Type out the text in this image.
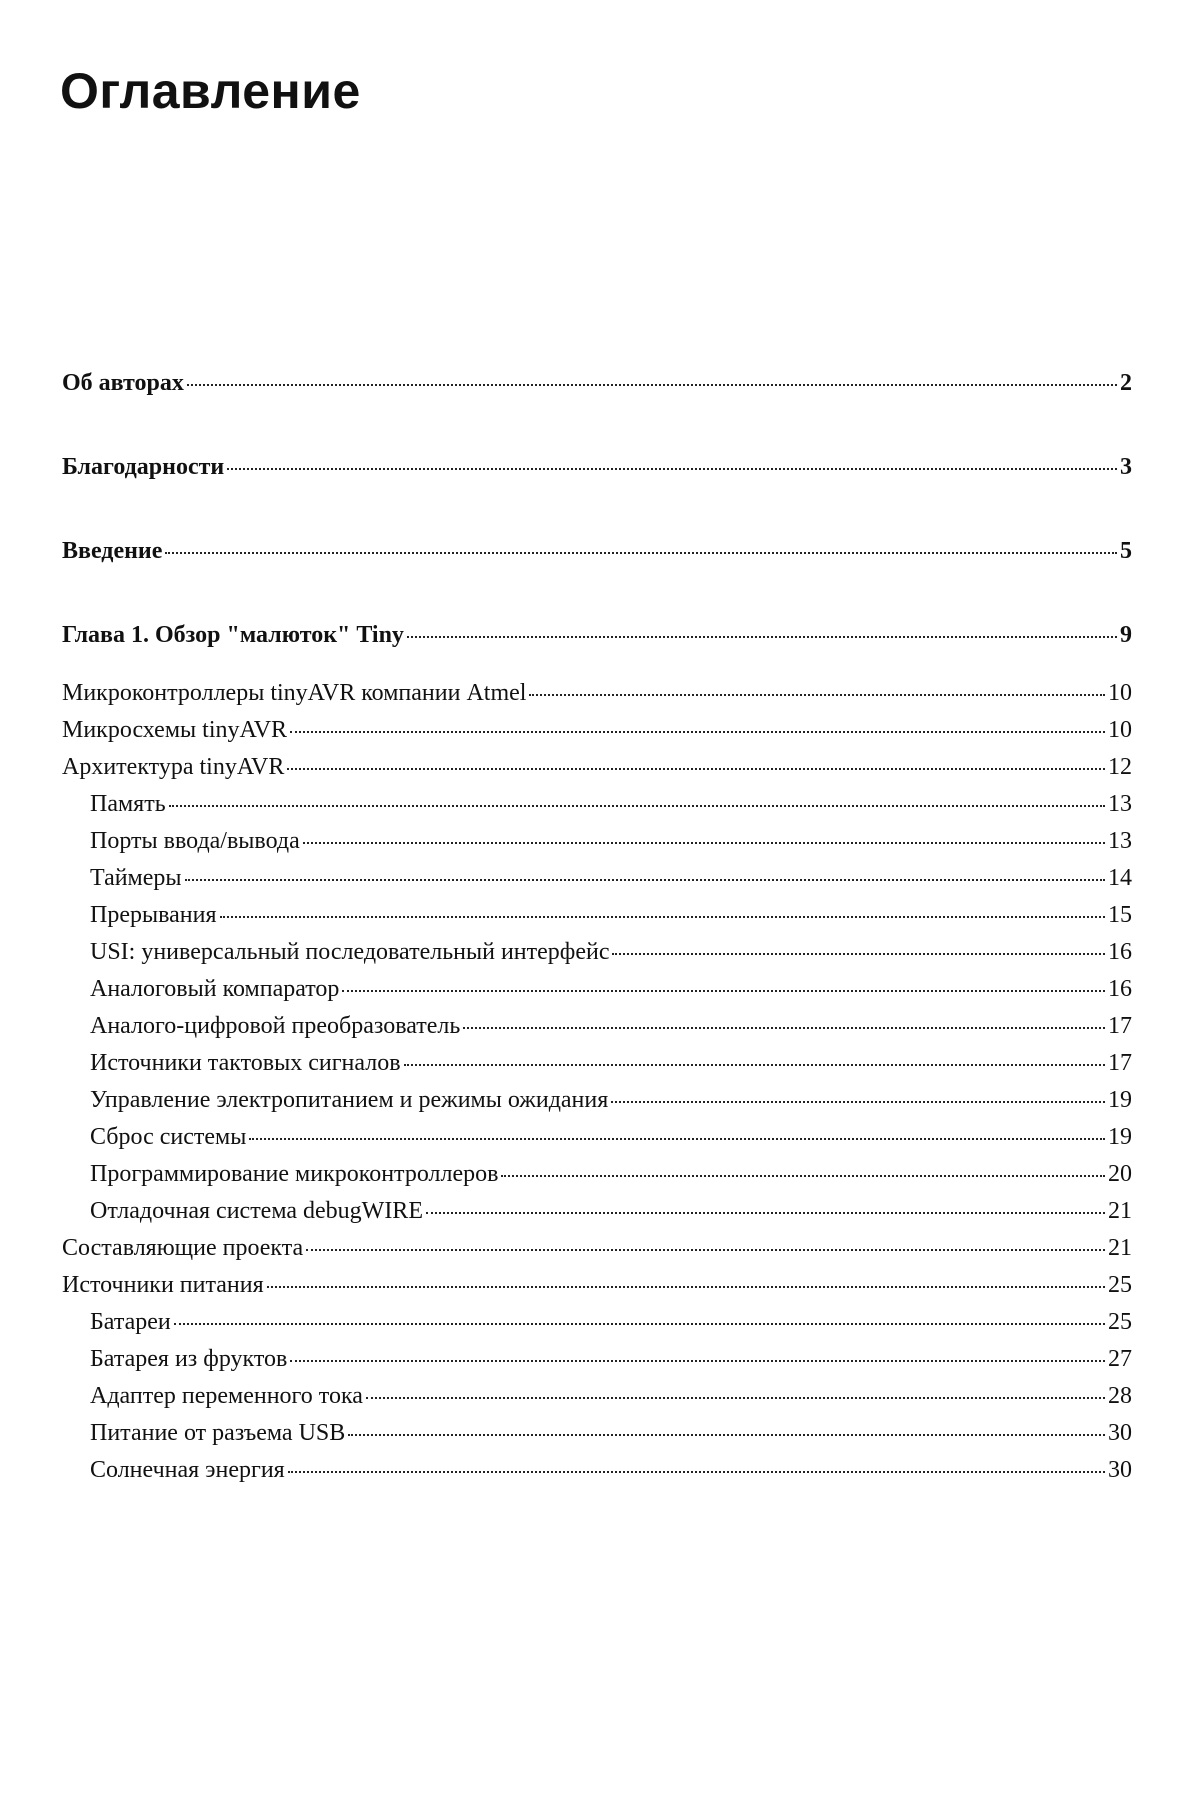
Оглавление
Об авторах	2
Благодарности	3
Введение	5
Глава 1. Обзор "малюток" Tiny	9
Микроконтроллеры tinyAVR компании Atmel	10
Микросхемы tinyAVR	10
Архитектура tinyAVR	12
Память	13
Порты ввода/вывода	13
Таймеры	14
Прерывания	15
USI: универсальный последовательный интерфейс	16
Аналоговый компаратор	16
Аналого-цифровой преобразователь	17
Источники тактовых сигналов	17
Управление электропитанием и режимы ожидания	19
Сброс системы	19
Программирование микроконтроллеров	20
Отладочная система debugWIRE	21
Составляющие проекта	21
Источники питания	25
Батареи	25
Батарея из фруктов	27
Адаптер переменного тока	28
Питание от разъема USB	30
Солнечная энергия	30
